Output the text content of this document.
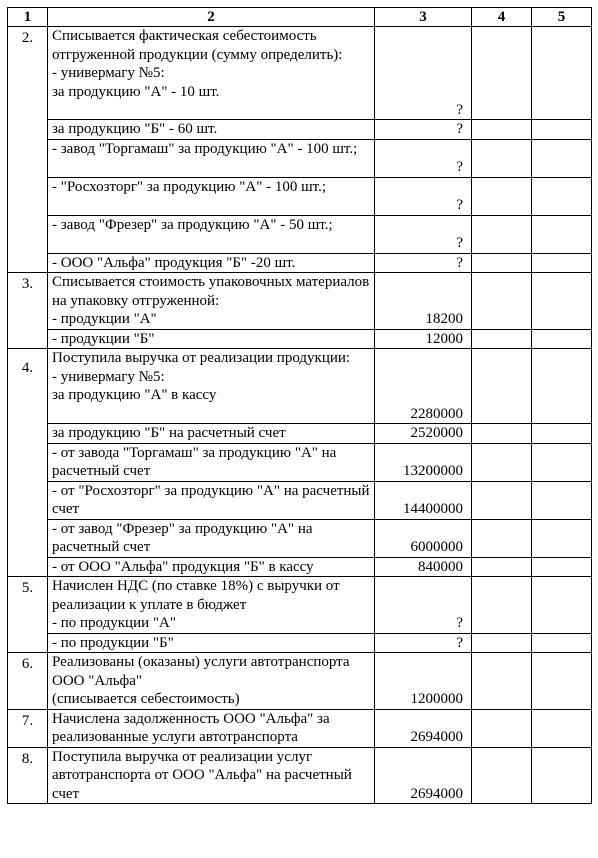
1	2	3	4	5
2.	Списывается фактическая себестоимость отгруженной продукции (сумму определить):
- универмагу №5:
за продукцию "А" - 10 шт.	?		
	за продукцию "Б" - 60 шт.	?		
	- завод "Торгамаш" за продукцию "А" - 100 шт.;	?		
	- "Росхозторг" за продукцию "А" - 100 шт.;	?		
	- завод "Фрезер" за продукцию "А" - 50 шт.;	?		
	- ООО "Альфа" продукция "Б" -20 шт.	?		
3.	Списывается стоимость упаковочных материалов на упаковку отгруженной:
- продукции "А"	18200		
	- продукции "Б"	12000		
4.	Поступила выручка от реализации продукции:
- универмагу №5:
за продукцию "А" в кассу	2280000		
	за продукцию "Б" на расчетный счет	2520000		
	- от завода "Торгамаш" за продукцию "А" на расчетный счет	13200000		
	- от "Росхозторг" за продукцию "А" на расчетный счет	14400000		
	- от завод "Фрезер" за продукцию "А" на расчетный счет	6000000		
	- от ООО "Альфа" продукция "Б" в кассу	840000		
5.	Начислен НДС (по ставке 18%) с выручки от реализации к уплате в бюджет
- по продукции "А"	?		
	- по продукции "Б"	?		
6.	Реализованы (оказаны) услуги автотранспорта ООО "Альфа"
(списывается себестоимость)	1200000		
7.	Начислена задолженность ООО "Альфа" за реализованные услуги автотранспорта	2694000		
8.	Поступила выручка от реализации услуг автотранспорта от ООО "Альфа" на расчетный счет	2694000		
